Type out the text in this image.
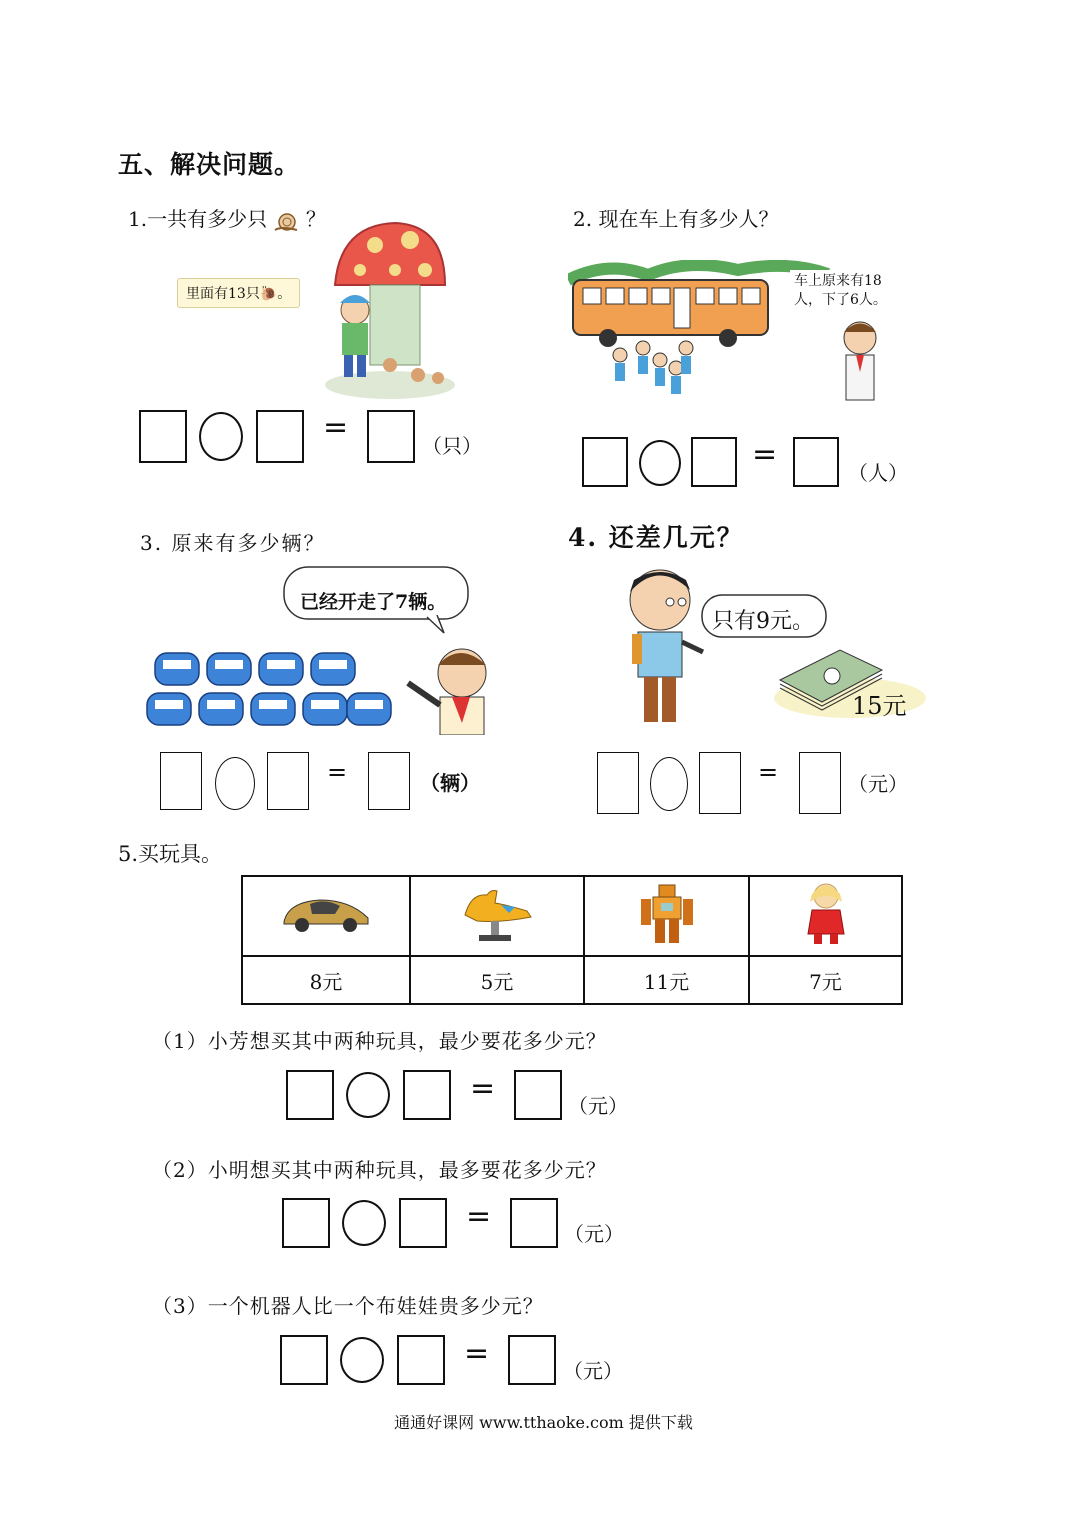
五、解决问题。
1.一共有多少只 ？
里面有13只🐌。
=
（只）
2. 现在车上有多少人？
车上原来有18人，下了6人。
=
（人）
3. 原来有多少辆？
已经开走了7辆。
=	（辆）
4. 还差几元？
只有9元。
15元
=	（元）
5.买玩具。

8元	5元	11元	7元
（1）小芳想买其中两种玩具，最少要花多少元？
=	（元）
（2）小明想买其中两种玩具，最多要花多少元？
=	（元）
（3）一个机器人比一个布娃娃贵多少元？
=	（元）
通通好课网 www.tthaoke.com 提供下载
